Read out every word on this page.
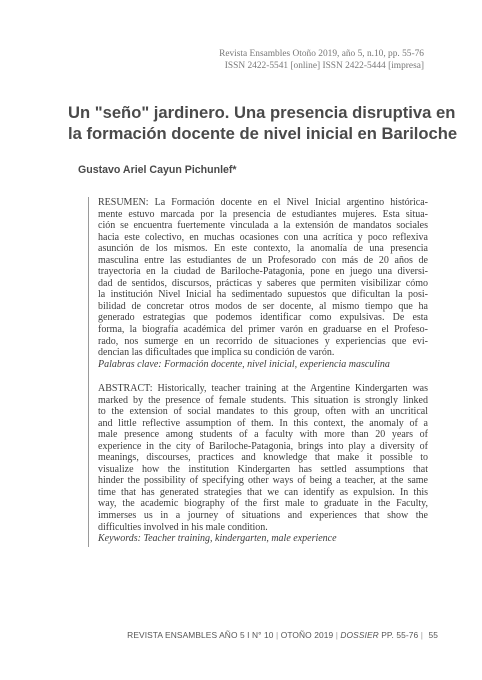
Revista Ensambles Otoño 2019, año 5, n.10, pp. 55-76
ISSN 2422-5541 [online] ISSN 2422-5444 [impresa]
Un "seño" jardinero. Una presencia disruptiva en
la formación docente de nivel inicial en Bariloche
Gustavo Ariel Cayun Pichunlef*
RESUMEN: La Formación docente en el Nivel Inicial argentino histórica-
mente estuvo marcada por la presencia de estudiantes mujeres. Esta situa-
ción se encuentra fuertemente vinculada a la extensión de mandatos sociales
hacia este colectivo, en muchas ocasiones con una acrítica y poco reflexiva
asunción de los mismos. En este contexto, la anomalía de una presencia
masculina entre las estudiantes de un Profesorado con más de 20 años de
trayectoria en la ciudad de Bariloche-Patagonia, pone en juego una diversi-
dad de sentidos, discursos, prácticas y saberes que permiten visibilizar cómo
la institución Nivel Inicial ha sedimentado supuestos que dificultan la posi-
bilidad de concretar otros modos de ser docente, al mismo tiempo que ha
generado estrategias que podemos identificar como expulsivas. De esta
forma, la biografía académica del primer varón en graduarse en el Profeso-
rado, nos sumerge en un recorrido de situaciones y experiencias que evi-
dencian las dificultades que implica su condición de varón.
Palabras clave: Formación docente, nivel inicial, experiencia masculina
ABSTRACT: Historically, teacher training at the Argentine Kindergarten was
marked by the presence of female students. This situation is strongly linked
to the extension of social mandates to this group, often with an uncritical
and little reflective assumption of them. In this context, the anomaly of a
male presence among students of a faculty with more than 20 years of
experience in the city of Bariloche-Patagonia, brings into play a diversity of
meanings, discourses, practices and knowledge that make it possible to
visualize how the institution Kindergarten has settled assumptions that
hinder the possibility of specifying other ways of being a teacher, at the same
time that has generated strategies that we can identify as expulsion. In this
way, the academic biography of the first male to graduate in the Faculty,
immerses us in a journey of situations and experiences that show the
difficulties involved in his male condition.
Keywords: Teacher training, kindergarten, male experience
REVISTA ENSAMBLES AÑO 5 I N° 10 | OTOÑO 2019 | DOSSIER PP. 55-76 | 55
